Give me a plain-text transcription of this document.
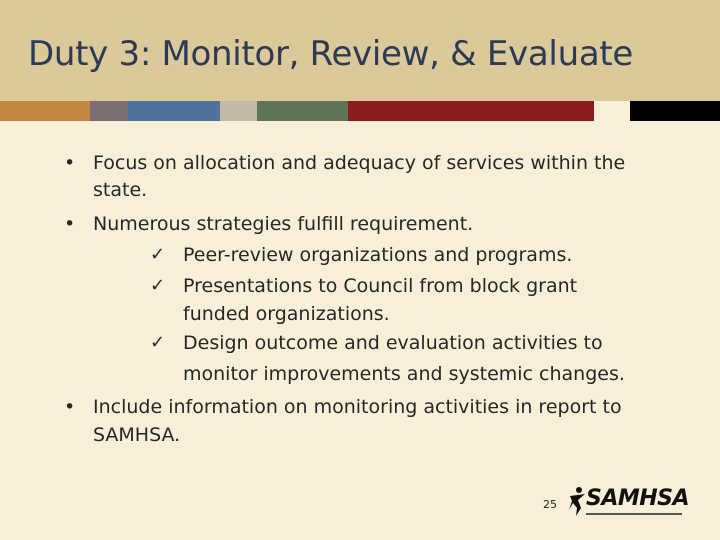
Duty 3: Monitor, Review, & Evaluate
• Focus on allocation and adequacy of services within the
state.
• Numerous strategies fulfill requirement.
✓ Peer-review organizations and programs.
✓ Presentations to Council from block grant
funded organizations.
✓ Design outcome and evaluation activities to
monitor improvements and systemic changes.
• Include information on monitoring activities in report to
SAMHSA.
25 SAMHSA
